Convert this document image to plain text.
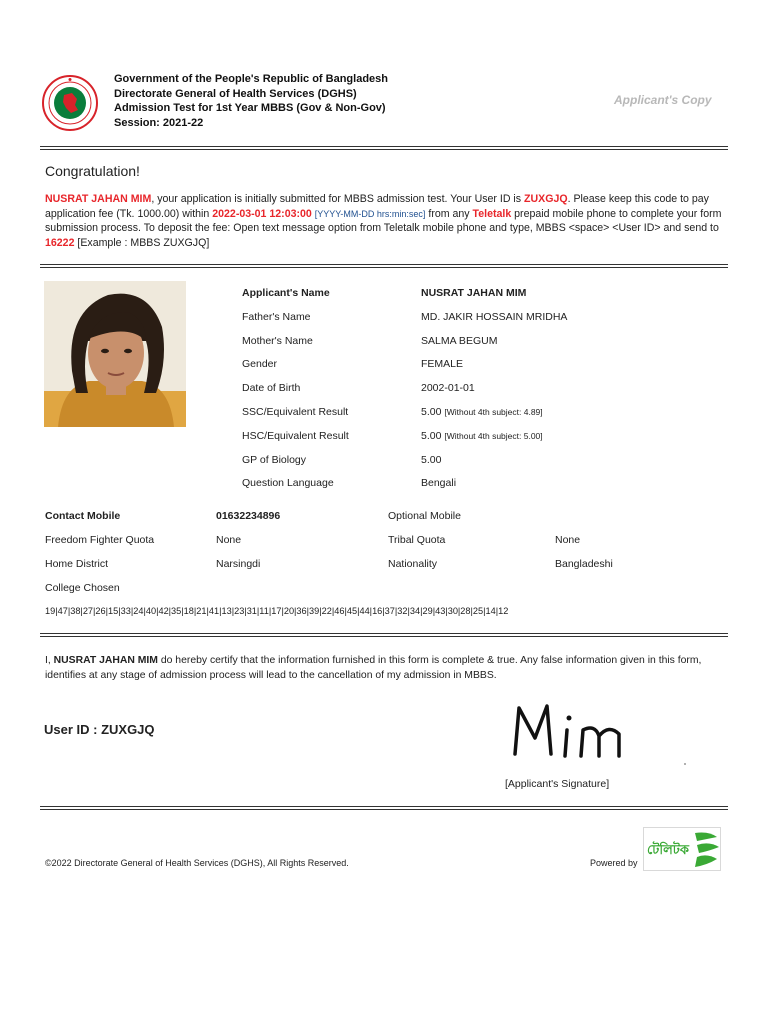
Government of the People's Republic of Bangladesh
Directorate General of Health Services (DGHS)
Admission Test for 1st Year MBBS (Gov & Non-Gov)
Session: 2021-22
Applicant's Copy
Congratulation!
NUSRAT JAHAN MIM, your application is initially submitted for MBBS admission test. Your User ID is ZUXGJQ. Please keep this code to pay application fee (Tk. 1000.00) within 2022-03-01 12:03:00 [YYYY-MM-DD hrs:min:sec] from any Teletalk prepaid mobile phone to complete your form submission process. To deposit the fee: Open text message option from Teletalk mobile phone and type, MBBS <space> <User ID> and send to 16222 [Example : MBBS ZUXGJQ]
Applicant's Name	NUSRAT JAHAN MIM
Father's Name	MD. JAKIR HOSSAIN MRIDHA
Mother's Name	SALMA BEGUM
Gender	FEMALE
Date of Birth	2002-01-01
SSC/Equivalent Result	5.00 [Without 4th subject: 4.89]
HSC/Equivalent Result	5.00 [Without 4th subject: 5.00]
GP of Biology	5.00
Question Language	Bengali
Contact Mobile	01632234896	Optional Mobile
Freedom Fighter Quota	None	Tribal Quota	None
Home District	Narsingdi	Nationality	Bangladeshi
College Chosen
19|47|38|27|26|15|33|24|40|42|35|18|21|41|13|23|31|11|17|20|36|39|22|46|45|44|16|37|32|34|29|43|30|28|25|14|12
I, NUSRAT JAHAN MIM do hereby certify that the information furnished in this form is complete & true. Any false information given in this form, identifies at any stage of admission process will lead to the cancellation of my admission in MBBS.
User ID : ZUXGJQ
[Applicant's Signature]
©2022 Directorate General of Health Services (DGHS), All Rights Reserved.	Powered by
টেলিটক
